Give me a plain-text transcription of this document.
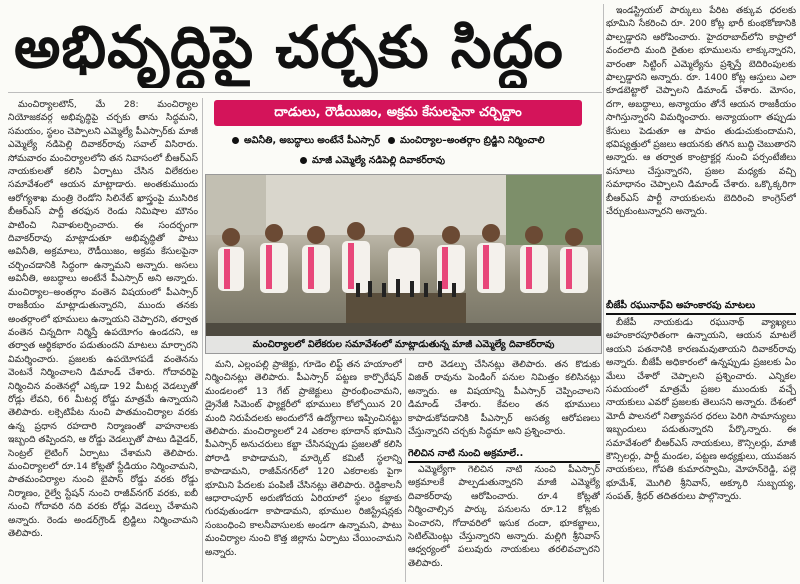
అభివృద్ధిపై చర్చకు సిద్ధం
దాడులు, రౌడీయిజం, అక్రమ కేసులపైనా చర్చిద్దాం
అవినీతి, అబద్ధాలు అంటేనే పీఎస్సార్	మంచిర్యాల–అంతర్గాం బ్రిడ్జిని నిర్మించాలి
మాజీ ఎమ్మెల్యే నడిపెల్లి దివాకర్‌రావు
మంచిర్యాలలో విలేకరుల సమావేశంలో మాట్లాడుతున్న మాజీ ఎమ్మెల్యే దివాకర్‌రావు

మంచిర్యాలటౌన్, మే 28: మంచిర్యాల నియోజకవర్గ అభివృద్ధిపై చర్చకు తాను సిద్ధమని, సమయం, స్థలం చెప్పాలని ఎమ్మెల్యే పీఎస్సార్‌కు మాజీ ఎమ్మెల్యే నడిపెల్లి దివాకర్‌రావు సవాల్ విసిరారు. సోమవారం మంచిర్యాలలోని తన నివాసంలో బీఆర్ఎస్ నాయకులతో కలిసి ఏర్పాటు చేసిన విలేకరుల సమావేశంలో ఆయన మాట్లాడారు. అంతకుముందు ఆరోగ్యశాఖ మంత్రి రెండోని సిలినేట్ ఖాస్త్రంపై ముసిరిక బీఆర్ఎస్ పార్టీ తరఫున రెండు నిమిషాల మౌనం పాటించి నివాళులర్పించారు. ఈ సందర్భంగా దివాకర్‌రావు మాట్లాడుతూ అభివృద్ధితో పాటు అవినీతి, అక్రమాలు, రౌడీయిజం, అక్రమ కేసులపైనా చర్చించడానికి సిద్ధంగా ఉన్నామని అన్నారు. అసలు అవినీతి, అబద్ధాలు అంటేనే పీఎస్సార్ అని అన్నారు. మంచిర్యాల–అంతర్గాం వంతెన విషయంలో పీఎస్సార్ రాజకీయం మాట్లాడుతున్నారని, ముందు తనకు అంతర్గాంలో భూములు ఉన్నాయని చెప్పారని, తర్వాత వంతెన చిన్నదిగా నిర్మిస్తే ఉపయోగం ఉండదని, ఆ తర్వాత ఆర్థికభారం పడుతుందని మాటలు మార్చారని విమర్శించారు. ప్రజలకు ఉపయోగపడే వంతెనను వెంటనే నిర్మించాలని డిమాండ్ చేశారు. గోదావరిపై నిర్మించిన వంతెనల్లో ఎక్కడా 192 మీటర్ల వెడల్పుతో రోడ్లు లేవని, 66 మీటర్ల రోడ్డు మాత్రమే ఉన్నాయని తెలిపారు. లక్సెటిపేట నుంచి పాతమంచిర్యాల వరకు ఉన్న ప్రధాన రహదారి నిర్మాణంతో వాహనాలకు ఇబ్బంది తప్పిందని, ఆ రోడ్డు వెడల్పుతో పాటు డివైడర్, సెంట్రల్ లైటింగ్ ఏర్పాటు చేశామని తెలిపారు. మంచిర్యాలలో రూ.14 కోట్లతో స్టేడియం నిర్మించామని, పాతమంచిర్యాల నుంచి బైపాస్ రోడ్డు వరకు రోడ్డు నిర్మాణం, రైల్వే స్టేషన్ నుంచి రాజీవ్‌నగర్ వరకు, ఐబీ నుంచి గోదావరి నది వరకు రోడ్లు వెడల్పు చేశామని అన్నారు. రెండు అండర్‌గ్రౌండ్ బ్రిడ్జిలు నిర్మించామని తెలిపారు.

మని, ఎల్లంపల్లి ప్రాజెక్టు, గూడెం లిఫ్ట్ తన హయాంలో నిర్మించినట్లు తెలిపారు. పీఎస్సార్ పట్టణ కార్పొరేషన్ మండలంలో 13 గేట్ ప్రాజెక్టులు ప్రారంభించామని, డ్రైనేజీ సిమెంట్ ఫ్యాక్టరీలో భూములు కోల్పోయిన 20 మంది నిరుపేదలకు అందులోనే ఉద్యోగాలు ఇప్పించినట్టు తెలిపారు. మంచిర్యాలలో 24 ఎకరాల భూదాన్ భూమిని పీఎస్సార్ అనుచరులు కబ్జా చేసినప్పుడు ప్రజలతో కలిసి పోరాడి కాపాడామని, మార్కెట్ కమిటీ స్థలాన్ని కాపాడామని, రాజీవ్‌నగర్‌లో 120 ఎకరాలకు పైగా భూమిని పేదలకు పంపిణీ చేసినట్లు తెలిపారు. రెడ్డికాలనీ ఆధారాంపూర్ అరుణోదయ ఏరియాలో స్థలం కబ్జాకు గురవుతుండగా కాపాడామని, భూముల రిజిస్ట్రేషన్లకు సంబంధించి కాలనీవాసులకు అండగా ఉన్నామని, పాటు మంచిర్యాల నుంచి కొత్త జిల్లాను ఏర్పాటు చేయించామని అన్నారు.

దారి వెడల్పు చేసినట్లు తెలిపారు. తన కొడుకు విజిత్ రావును పెండింగ్ పనుల నిమిత్తం కలిసినట్లు అన్నారు. ఆ విషయాన్ని పీఎస్సార్ చెప్పించాలని డిమాండ్ చేశారు. కేవలం తన భూములు కాపాడుకోవడానికి పీఎస్సార్ అసత్య ఆరోపణలు చేస్తున్నారని చర్చకు సిద్ధమా అని ప్రశ్నించారు.

గెలిచిన నాటి నుంచి అక్రమాలే..

ఎమ్మెల్యేగా గెలిచిన నాటి నుంచి పీఎస్సార్ అక్రమాలకే పాల్పడుతున్నారని మాజీ ఎమ్మెల్యే దివాకర్‌రావు ఆరోపించారు. రూ.4 కోట్లతో నిర్మించాల్సిన పార్కు పనులను రూ.12 కోట్లకు పెంచారని, గోదావరిలో ఇసుక దందా, భూకబ్జాలు, సెటిల్‌మెంట్లు చేస్తున్నారని అన్నారు. మల్లిగి శ్రీనివాస్ ఆధ్వర్యంలో పలువురు నాయకులు తరలివచ్చారని తెలిపారు.

ఇండస్ట్రియల్ పార్కులు పేరిట తక్కువ ధరలకు భూమిని సేకరించి రూ. 200 కోట్ల భారీ కుంభకోణానికి పాల్పడ్డారని ఆరోపించారు. హైదరాబాద్‌లోని కాప్రాలో వందలాది మంది రైతుల భూములను లాక్కున్నారని, వారంతా సిట్టింగ్ ఎమ్మెల్యేను ప్రశ్నిస్తే బెదిరింపులకు పాల్పడ్డారని అన్నారు. రూ. 1400 కోట్ల ఆస్తులు ఎలా కూడబెట్టారో చెప్పాలని డిమాండ్ చేశారు. మోసం, దగా, అబద్ధాలు, అన్యాయం తోనే ఆయన రాజకీయం సాగిస్తున్నారని విమర్శించారు. అన్యాయంగా తప్పుడు కేసులు పెడుతూ ఆ పాపం తుడుచుకుందామని, భవిష్యత్తులో ప్రజలు ఆయనకు తగిన బుద్ధి చెబుతారని అన్నారు. ఆ తర్వాత కాంట్రాక్టర్ల నుంచి పర్సంటేజీలు వసూలు చేస్తున్నారని, ప్రజల మధ్యకు వచ్చి సమాధానం చెప్పాలని డిమాండ్ చేశారు. ఒక్కొక్కరిగా బీఆర్ఎస్ పార్టీ నాయకులను బెదిరించి కాంగ్రెస్‌లో చేర్చుకుంటున్నారని అన్నారు.

బీజేపీ రఘునాథ్‌వి అహంకారపు మాటలు

బీజేపీ నాయకుడు రఘునాథ్ వ్యాఖ్యలు అహంకారపూరితంగా ఉన్నాయని, ఆయన మాటలే ఆయని పతనానికి కారణమవుతాయని దివాకర్‌రావు అన్నారు. బీజేపీ అధికారంలో ఉన్నప్పుడు ప్రజలకు ఏం మేలు చేశారో చెప్పాలని ప్రశ్నించారు. ఎన్నికల సమయంలో మాత్రమే ప్రజల ముందుకు వచ్చే నాయకులు ఎవరో ప్రజలకు తెలుసని అన్నారు. దేశంలో మోదీ పాలనలో నిత్యావసర ధరలు పెరిగి సామాన్యులు ఇబ్బందులు పడుతున్నారని పేర్కొన్నారు. ఈ సమావేశంలో బీఆర్ఎస్ నాయకులు, కౌన్సిలర్లు, మాజీ కౌన్సిలర్లు, పార్టీ మండల, పట్టణ అధ్యక్షులు, యువజన నాయకులు, గోపతి కుమారస్వామి, మోహన్‌రెడ్డి, పల్లె భూమేశ్, మొగిలి శ్రీనివాస్, అక్కూరి సుబ్బయ్య, సంపత్, శ్రీధర్ తదితరులు పాల్గొన్నారు.
